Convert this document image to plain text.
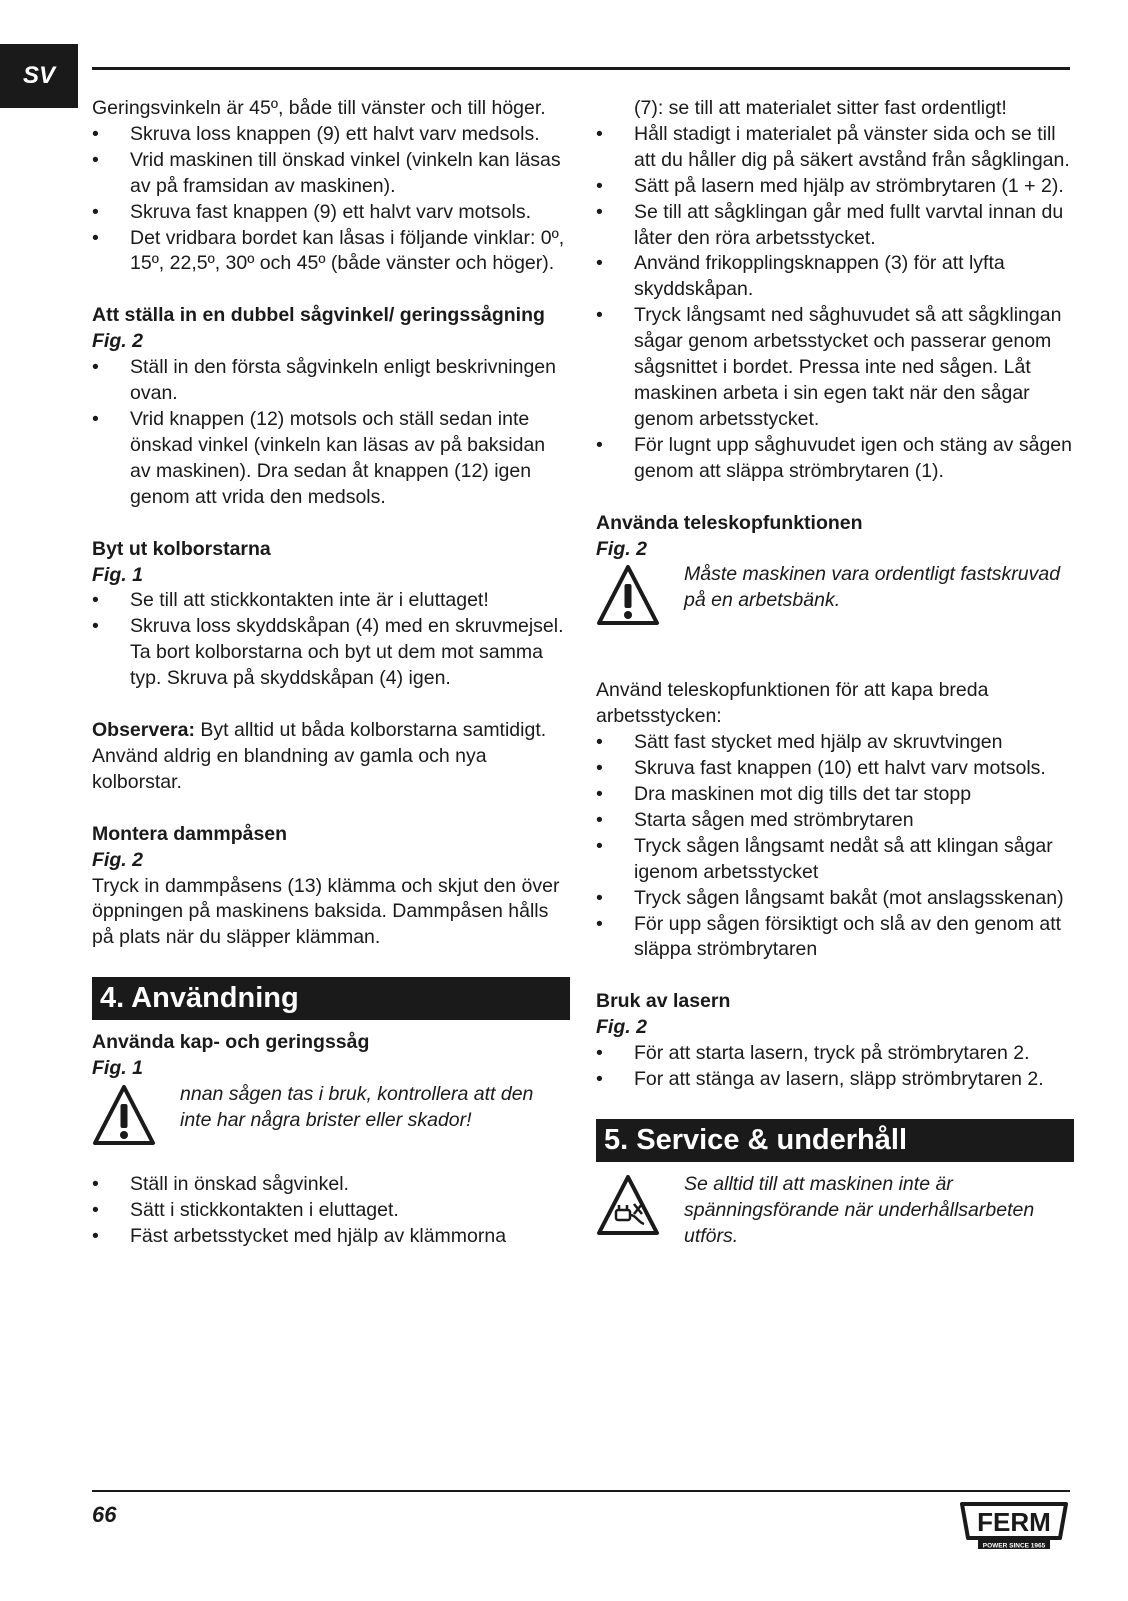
SV

Geringsvinkeln är 45º, både till vänster och till höger.

• Skruva loss knappen (9) ett halvt varv medsols.
• Vrid maskinen till önskad vinkel (vinkeln kan läsas av på framsidan av maskinen).
• Skruva fast knappen (9) ett halvt varv motsols.
• Det vridbara bordet kan låsas i följande vinklar: 0º, 15º, 22,5º, 30º och 45º (både vänster och höger).
Att ställa in en dubbel sågvinkel/ geringssågning
Fig. 2
• Ställ in den första sågvinkeln enligt beskrivningen ovan.
• Vrid knappen (12) motsols och ställ sedan inte önskad vinkel (vinkeln kan läsas av på baksidan av maskinen). Dra sedan åt knappen (12) igen genom att vrida den medsols.
Byt ut kolborstarna
Fig. 1
• Se till att stickkontakten inte är i eluttaget!
• Skruva loss skyddskåpan (4) med en skruvmejsel. Ta bort kolborstarna och byt ut dem mot samma typ. Skruva på skyddskåpan (4) igen.

Observera: Byt alltid ut båda kolborstarna samtidigt. Använd aldrig en blandning av gamla och nya kolborstar.

Montera dammpåsen
Fig. 2

Tryck in dammpåsens (13) klämma och skjut den över öppningen på maskinens baksida. Dammpåsen hålls på plats när du släpper klämman.

4. Användning
Använda kap- och geringssåg
Fig. 1
nnan sågen tas i bruk, kontrollera att den inte har några brister eller skador!
• Ställ in önskad sågvinkel.
• Sätt i stickkontakten i eluttaget.
• Fäst arbetsstycket med hjälp av klämmorna

(7): se till att materialet sitter fast ordentligt!

• Håll stadigt i materialet på vänster sida och se till att du håller dig på säkert avstånd från sågklingan.
• Sätt på lasern med hjälp av strömbrytaren (1 + 2).
• Se till att sågklingan går med fullt varvtal innan du låter den röra arbetsstycket.
• Använd frikopplingsknappen (3) för att lyfta skyddskåpan.
• Tryck långsamt ned såghuvudet så att sågklingan sågar genom arbetsstycket och passerar genom sågsnittet i bordet. Pressa inte ned sågen. Låt maskinen arbeta i sin egen takt när den sågar genom arbetsstycket.
• För lugnt upp såghuvudet igen och stäng av sågen genom att släppa strömbrytaren (1).
Använda teleskopfunktionen
Fig. 2
Måste maskinen vara ordentligt fastskruvad på en arbetsbänk.

Använd teleskopfunktionen för att kapa breda arbetsstycken:

• Sätt fast stycket med hjälp av skruvtvingen
• Skruva fast knappen (10) ett halvt varv motsols.
• Dra maskinen mot dig tills det tar stopp
• Starta sågen med strömbrytaren
• Tryck sågen långsamt nedåt så att klingan sågar igenom arbetsstycket
• Tryck sågen långsamt bakåt (mot anslagsskenan)
• För upp sågen försiktigt och slå av den genom att släppa strömbrytaren
Bruk av lasern
Fig. 2
• För att starta lasern, tryck på strömbrytaren 2.
• For att stänga av lasern, släpp strömbrytaren 2.
5. Service & underhåll
Se alltid till att maskinen inte är spänningsförande när underhållsarbeten utförs.
66	FERM
POWER SINCE 1965
